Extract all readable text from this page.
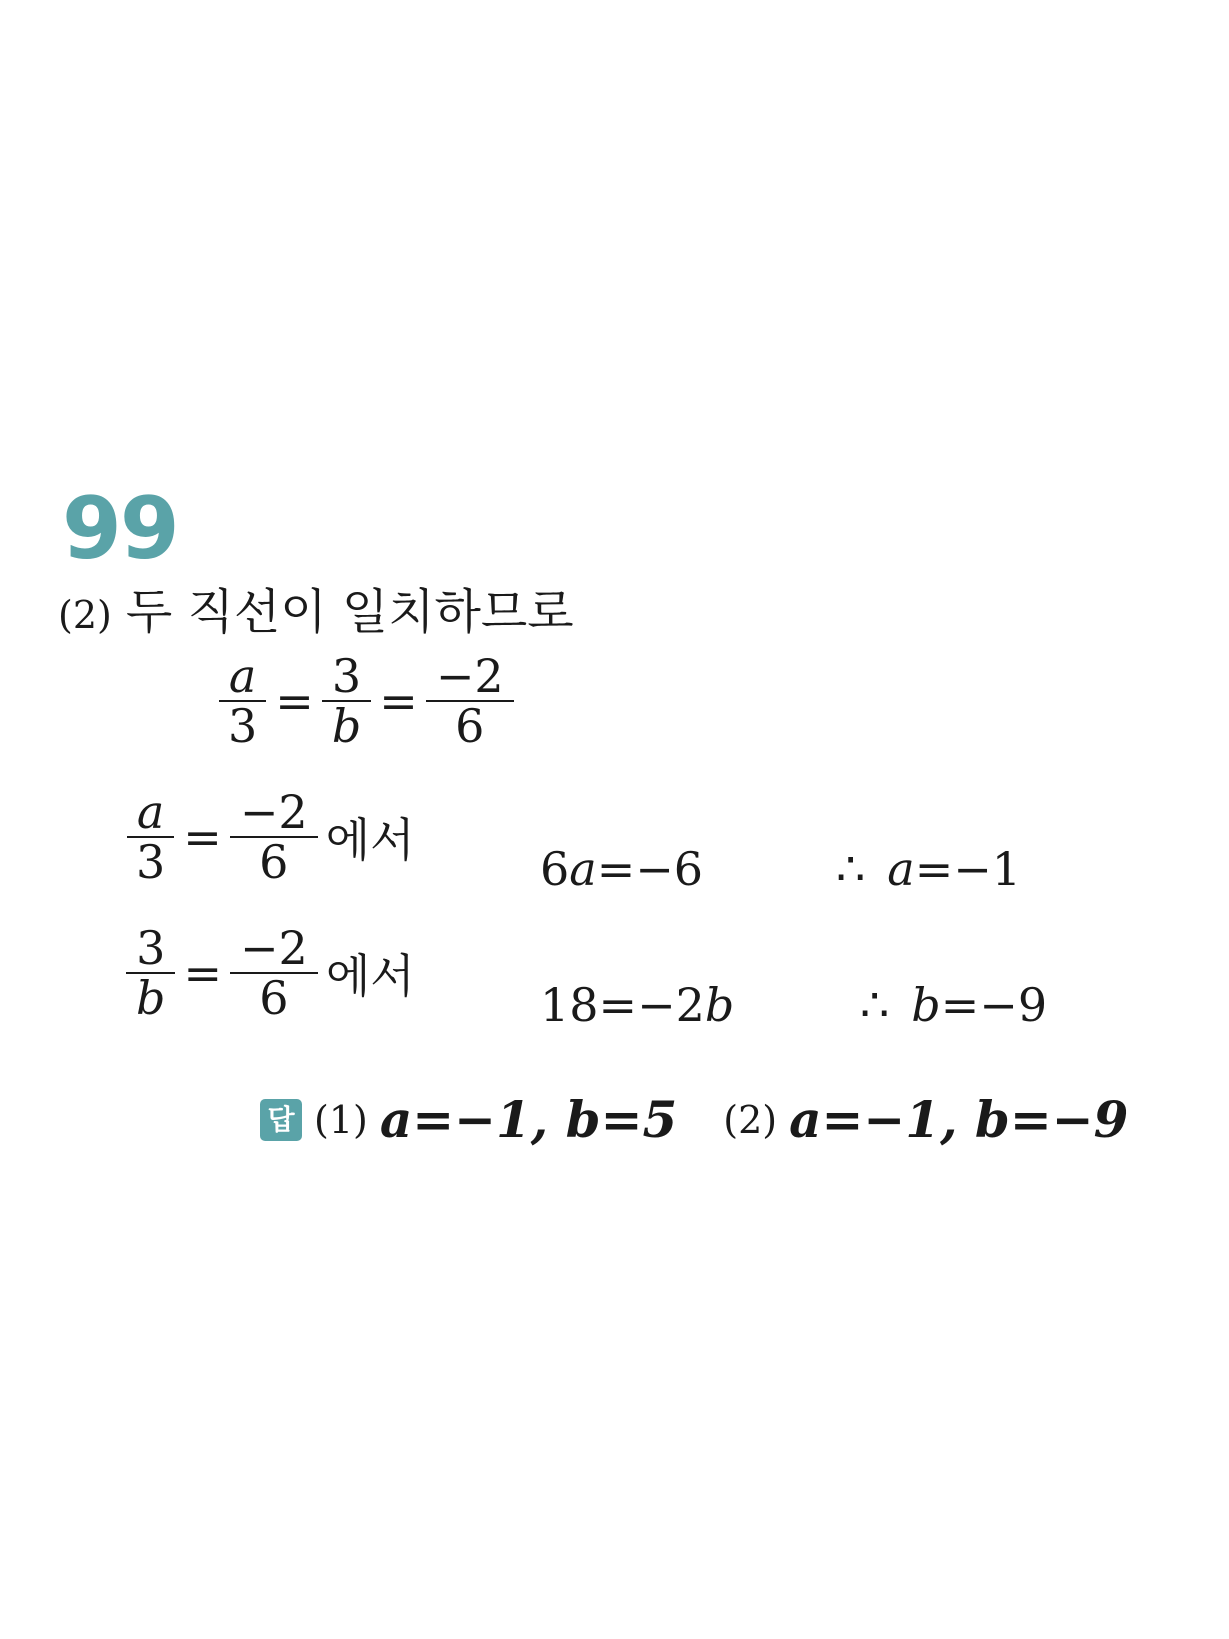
99
(2) 두 직선이 일치하므로
$\frac{a}{3} = \frac{3}{b} = \frac{-2}{6}$
$\frac{a}{3} = \frac{-2}{6}$ 에서
6 a =−6	∴ a =−1
$\frac{3}{b} = \frac{-2}{6}$ 에서
18=−2 b	∴ b =−9
답 (1) a=−1, b=5 (2) a=−1, b=−9
